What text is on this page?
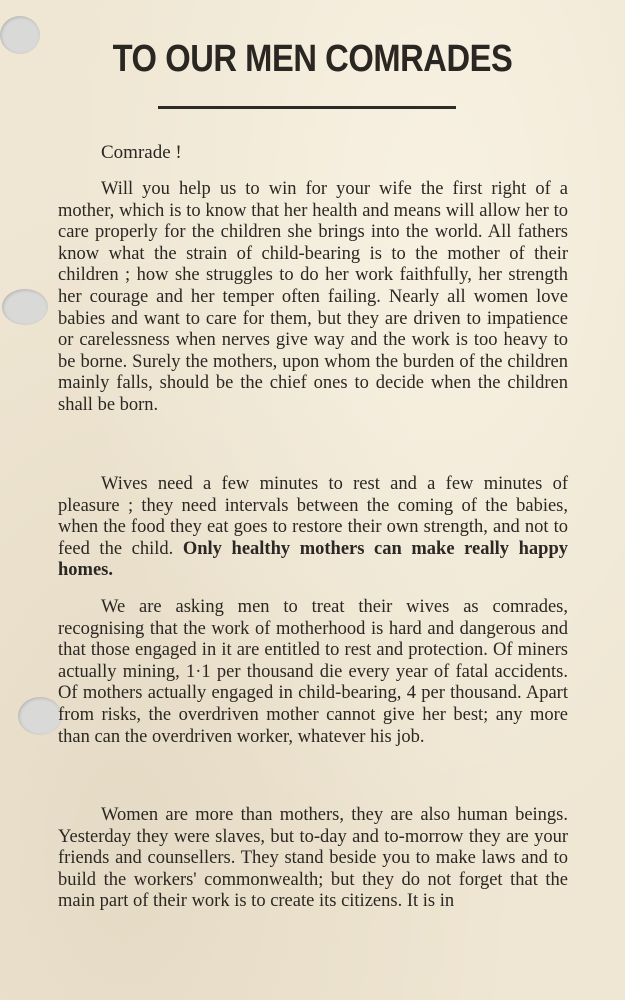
TO OUR MEN COMRADES
Comrade !
Will you help us to win for your wife the first right of a mother, which is to know that her health and means will allow her to care properly for the children she brings into the world. All fathers know what the strain of child-bearing is to the mother of their children ; how she struggles to do her work faithfully, her strength her courage and her temper often failing. Nearly all women love babies and want to care for them, but they are driven to impatience or carelessness when nerves give way and the work is too heavy to be borne. Surely the mothers, upon whom the burden of the children mainly falls, should be the chief ones to decide when the children shall be born.
Wives need a few minutes to rest and a few minutes of pleasure ; they need intervals between the coming of the babies, when the food they eat goes to restore their own strength, and not to feed the child. Only healthy mothers can make really happy homes.
We are asking men to treat their wives as comrades, recognising that the work of motherhood is hard and dangerous and that those engaged in it are entitled to rest and protection. Of miners actually mining, 1·1 per thousand die every year of fatal accidents. Of mothers actually engaged in child-bearing, 4 per thousand. Apart from risks, the overdriven mother cannot give her best; any more than can the overdriven worker, whatever his job.
Women are more than mothers, they are also human beings. Yesterday they were slaves, but to-day and to-morrow they are your friends and counsellers. They stand beside you to make laws and to build the workers' commonwealth; but they do not forget that the main part of their work is to create its citizens. It is in
